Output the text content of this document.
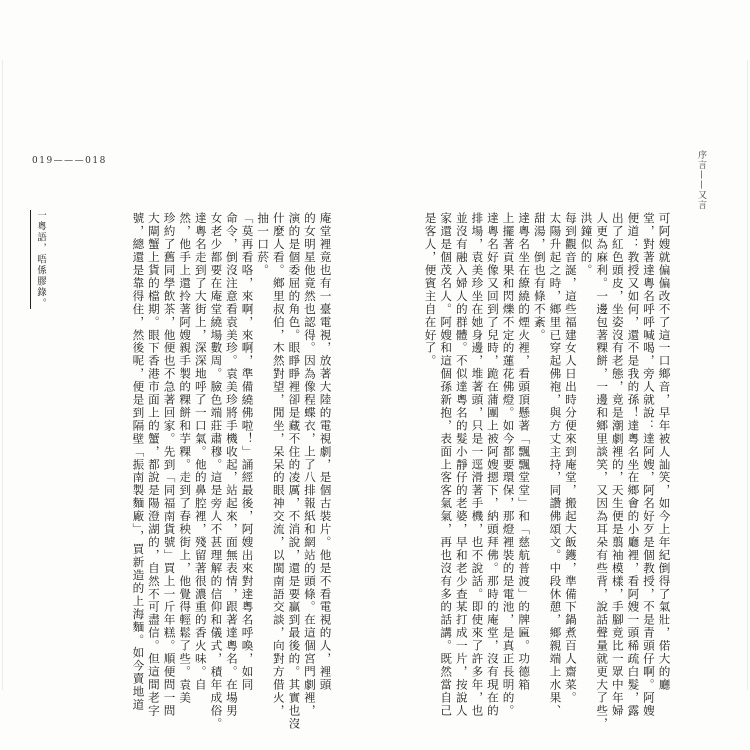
序言——又言
019———018
一粵語，唔係膠錄。	可阿嫂就偏偏改不了這一口鄉音，早年被人訕笑，如今上年紀倒得了氣壯，偌大的廳
堂，對著達粵名呼呼喊喝，旁人就說：達阿嫂，阿名好歹是個教授，不是青頭仔啊。阿嫂
便道：教授又如何，還不是我的孫！達粵名坐在鄉會的小廳裡，看阿嫂一頭稀疏白髮，露
出了紅色頭皮，坐姿沒有老態，竟是潮劇裡的，天生便是翦袖模樣，手腳竟比一眾中年婦
人更為麻利。一邊包著粿餅，一邊和鄉里談笑，又因為耳朵有些背，說話聲量就更大了些，
洪鐘似的。
每到觀音誕，這些福建女人日出時分便來到庵堂，搬起大飯鑊，準備下鍋煮百人齋菜。
太陽升起之時，鄉里已穿起佛袍，與方丈主持，同讚佛頌文。中段休憩，鄉親端上水果、
甜湯，倒也有條不紊。
達粵名坐在繚繞的煙火裡，看頭頂懸著「飄飄堂堂」和「慈航普渡」的牌匾。功德箱
上擺著貢果和閃爍不定的蓮花佛燈。如今都要環保，那燈裡裝的是電池，是真正長明的。
達粵名好像又回到了兒時，跪在蒲團上被阿嫂摁下，納頭拜佛。那時的庵堂，沒有現在的
排場，袁美珍坐在她身邊，堆著頭，只是一逕滑著手機，也不說話。即使來了許多年，也
並沒有融入婦人的群體。不似達粵名的髮小靜仔的老婆，早和老少查某打成一片，按說人
家還是個茂名人。阿嫂和這個孫新抱，表面上客客氣氣，再也沒有多的話講。既然當自己
是客人，便賓主自在好了。
庵堂裡竟也有一臺電視，放著大陸的電視劇，是個古裝片。他是不看電視的人，裡頭
的女明星他竟然也認得。因為像程蝶衣，上了八排報紙和網站的頭條。在這個宮門劇裡，
演的是個委屈的角色。眼睜睜裡卻是藏不住的凌厲，不消說，還是要贏到最後的。其實也沒
什麼人看。鄉里叔伯，木然對望，閒坐，呆呆的眼神交流，以閩南語交談，向對方借火，
抽一口菸。
「莫再看咯，來啊，來啊，準備繞佛啦！」誦經最後，阿嫂出來對達粵名呼喚，如同
命令，倒沒注意看袁美珍。袁美珍將手機收起，站起來，面無表情，跟著達粵名。在場男
女老少都要在庵堂繞場數周。臉色端莊肅穆。這是旁人不甚理解的信仰和儀式，積年成俗。
達粵名走到了大街上，深深地呼了一口氣。他的鼻腔裡，殘留著很濃重的香火味。自
然，他手上還拎著阿嫂親手製的粿餅和芋粿。走到了春秧街上，他覺得輕鬆了些。袁美
珍約了舊同學飲茶，他便也不急著回家。先到「同福南貨號」買上一斤年糕。順便問一問
大閘蟹上貨的檔期。眼下香港市面上的蟹，都說是陽澄湖的，自然不可盡信。但這間老字
號，總還是靠得住，然後呢，便是到隔壁「振南製麵廠」，買新造的上海麵。如今賣地道
